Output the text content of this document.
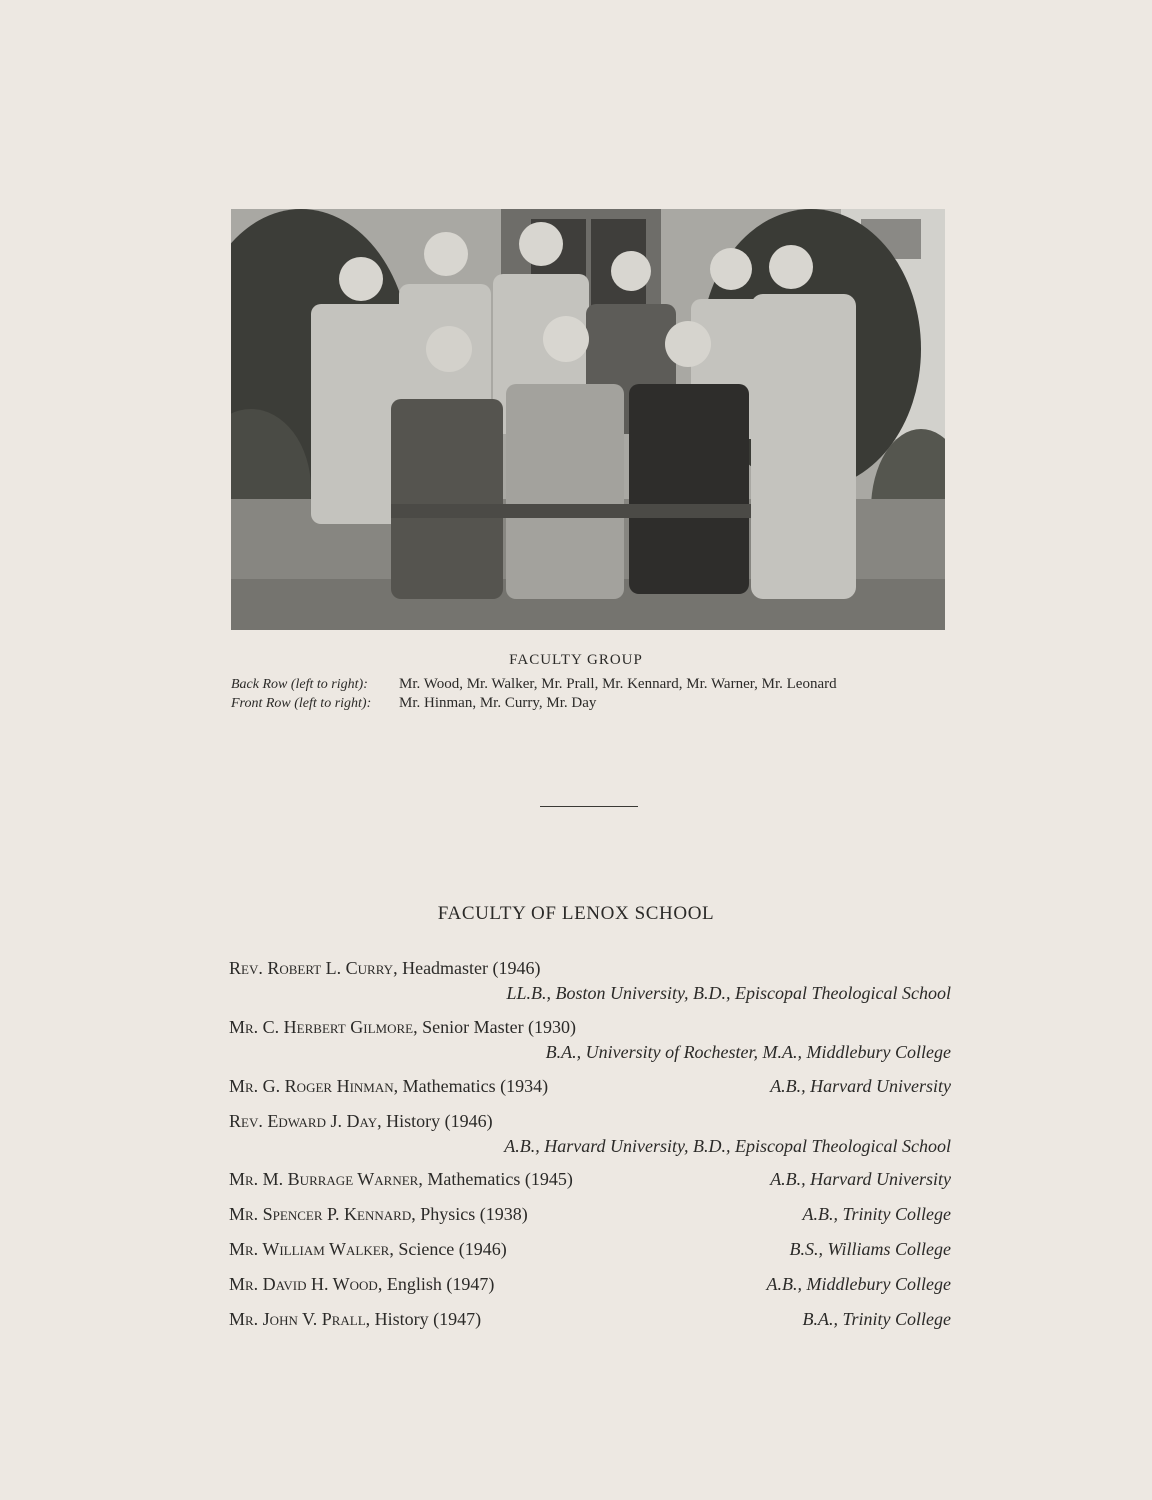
FACULTY GROUP
Back Row (left to right): Mr. Wood, Mr. Walker, Mr. Prall, Mr. Kennard, Mr. Warner, Mr. Leonard
Front Row (left to right): Mr. Hinman, Mr. Curry, Mr. Day
FACULTY OF LENOX SCHOOL
Rev. Robert L. Curry, Headmaster (1946)
LL.B., Boston University, B.D., Episcopal Theological School
Mr. C. Herbert Gilmore, Senior Master (1930)
B.A., University of Rochester, M.A., Middlebury College
Mr. G. Roger Hinman, Mathematics (1934)	A.B., Harvard University
Rev. Edward J. Day, History (1946)
A.B., Harvard University, B.D., Episcopal Theological School
Mr. M. Burrage Warner, Mathematics (1945)	A.B., Harvard University
Mr. Spencer P. Kennard, Physics (1938)	A.B., Trinity College
Mr. William Walker, Science (1946)	B.S., Williams College
Mr. David H. Wood, English (1947)	A.B., Middlebury College
Mr. John V. Prall, History (1947)	B.A., Trinity College
